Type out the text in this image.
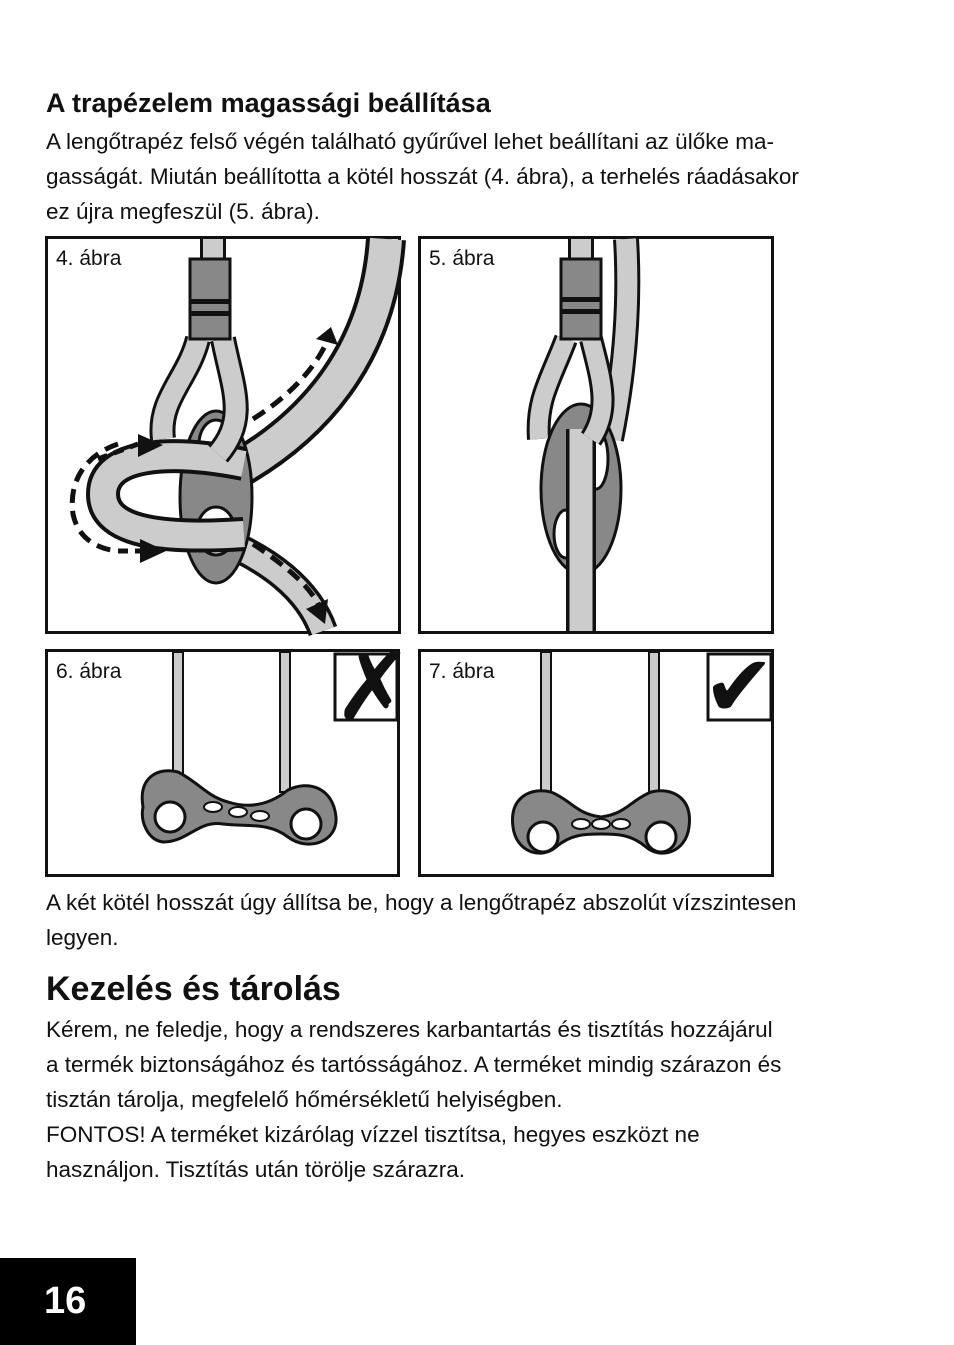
A trapézelem magassági beállítása

A lengőtrapéz felső végén található gyűrűvel lehet beállítani az ülőke ma-
gasságát. Miután beállította a kötél hosszát (4. ábra), a terhelés ráadásakor
ez újra megfeszül (5. ábra).

4. ábra	5. ábra
6. ábra ✗ 7. ábra ✔

A két kötél hosszát úgy állítsa be, hogy a lengőtrapéz abszolút vízszintesen
legyen.

Kezelés és tárolás

Kérem, ne feledje, hogy a rendszeres karbantartás és tisztítás hozzájárul
a termék biztonságához és tartósságához. A terméket mindig szárazon és
tisztán tárolja, megfelelő hőmérsékletű helyiségben.

FONTOS! A terméket kizárólag vízzel tisztítsa, hegyes eszközt ne
használjon. Tisztítás után törölje szárazra.

16
